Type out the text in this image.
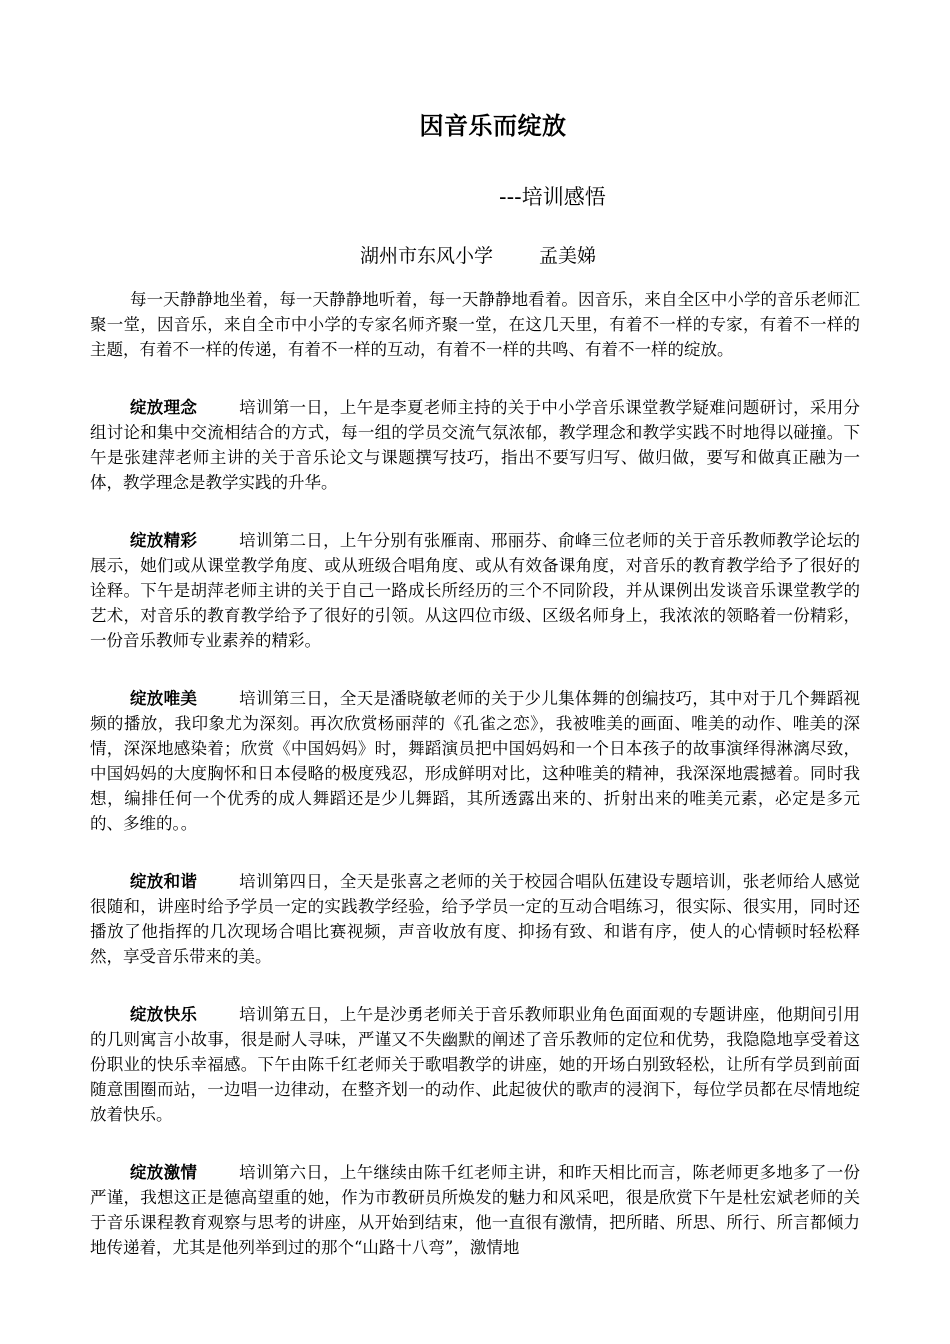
因音乐而绽放
---培训感悟
湖州市东风小学 孟美娣

每一天静静地坐着，每一天静静地听着，每一天静静地看着。因音乐，来自全区中小学的音乐老师汇聚一堂，因音乐，来自全市中小学的专家名师齐聚一堂，在这几天里，有着不一样的专家，有着不一样的主题，有着不一样的传递，有着不一样的互动，有着不一样的共鸣、有着不一样的绽放。

绽放理念	培训第一日，上午是李夏老师主持的关于中小学音乐课堂教学疑难问题研讨，采用分组讨论和集中交流相结合的方式，每一组的学员交流气氛浓郁，教学理念和教学实践不时地得以碰撞。下午是张建萍老师主讲的关于音乐论文与课题撰写技巧，指出不要写归写、做归做，要写和做真正融为一体，教学理念是教学实践的升华。

绽放精彩	培训第二日，上午分别有张雁南、邢丽芬、俞峰三位老师的关于音乐教师教学论坛的展示，她们或从课堂教学角度、或从班级合唱角度、或从有效备课角度，对音乐的教育教学给予了很好的诠释。下午是胡萍老师主讲的关于自己一路成长所经历的三个不同阶段，并从课例出发谈音乐课堂教学的艺术，对音乐的教育教学给予了很好的引领。从这四位市级、区级名师身上，我浓浓的领略着一份精彩，一份音乐教师专业素养的精彩。

绽放唯美	培训第三日，全天是潘晓敏老师的关于少儿集体舞的创编技巧，其中对于几个舞蹈视频的播放，我印象尤为深刻。再次欣赏杨丽萍的《孔雀之恋》，我被唯美的画面、唯美的动作、唯美的深情，深深地感染着；欣赏《中国妈妈》时，舞蹈演员把中国妈妈和一个日本孩子的故事演绎得淋漓尽致，中国妈妈的大度胸怀和日本侵略的极度残忍，形成鲜明对比，这种唯美的精神，我深深地震撼着。同时我想，编排任何一个优秀的成人舞蹈还是少儿舞蹈，其所透露出来的、折射出来的唯美元素，必定是多元的、多维的。。

绽放和谐	培训第四日，全天是张喜之老师的关于校园合唱队伍建设专题培训，张老师给人感觉很随和，讲座时给予学员一定的实践教学经验，给予学员一定的互动合唱练习，很实际、很实用，同时还播放了他指挥的几次现场合唱比赛视频，声音收放有度、抑扬有致、和谐有序，使人的心情顿时轻松释然，享受音乐带来的美。

绽放快乐	培训第五日，上午是沙勇老师关于音乐教师职业角色面面观的专题讲座，他期间引用的几则寓言小故事，很是耐人寻味，严谨又不失幽默的阐述了音乐教师的定位和优势，我隐隐地享受着这份职业的快乐幸福感。下午由陈千红老师关于歌唱教学的讲座，她的开场白别致轻松，让所有学员到前面随意围圈而站，一边唱一边律动，在整齐划一的动作、此起彼伏的歌声的浸润下，每位学员都在尽情地绽放着快乐。

绽放激情	培训第六日，上午继续由陈千红老师主讲，和昨天相比而言，陈老师更多地多了一份严谨，我想这正是德高望重的她，作为市教研员所焕发的魅力和风采吧，很是欣赏下午是杜宏斌老师的关于音乐课程教育观察与思考的讲座，从开始到结束，他一直很有激情，把所睹、所思、所行、所言都倾力地传递着，尤其是他列举到过的那个“山路十八弯”，激情地
